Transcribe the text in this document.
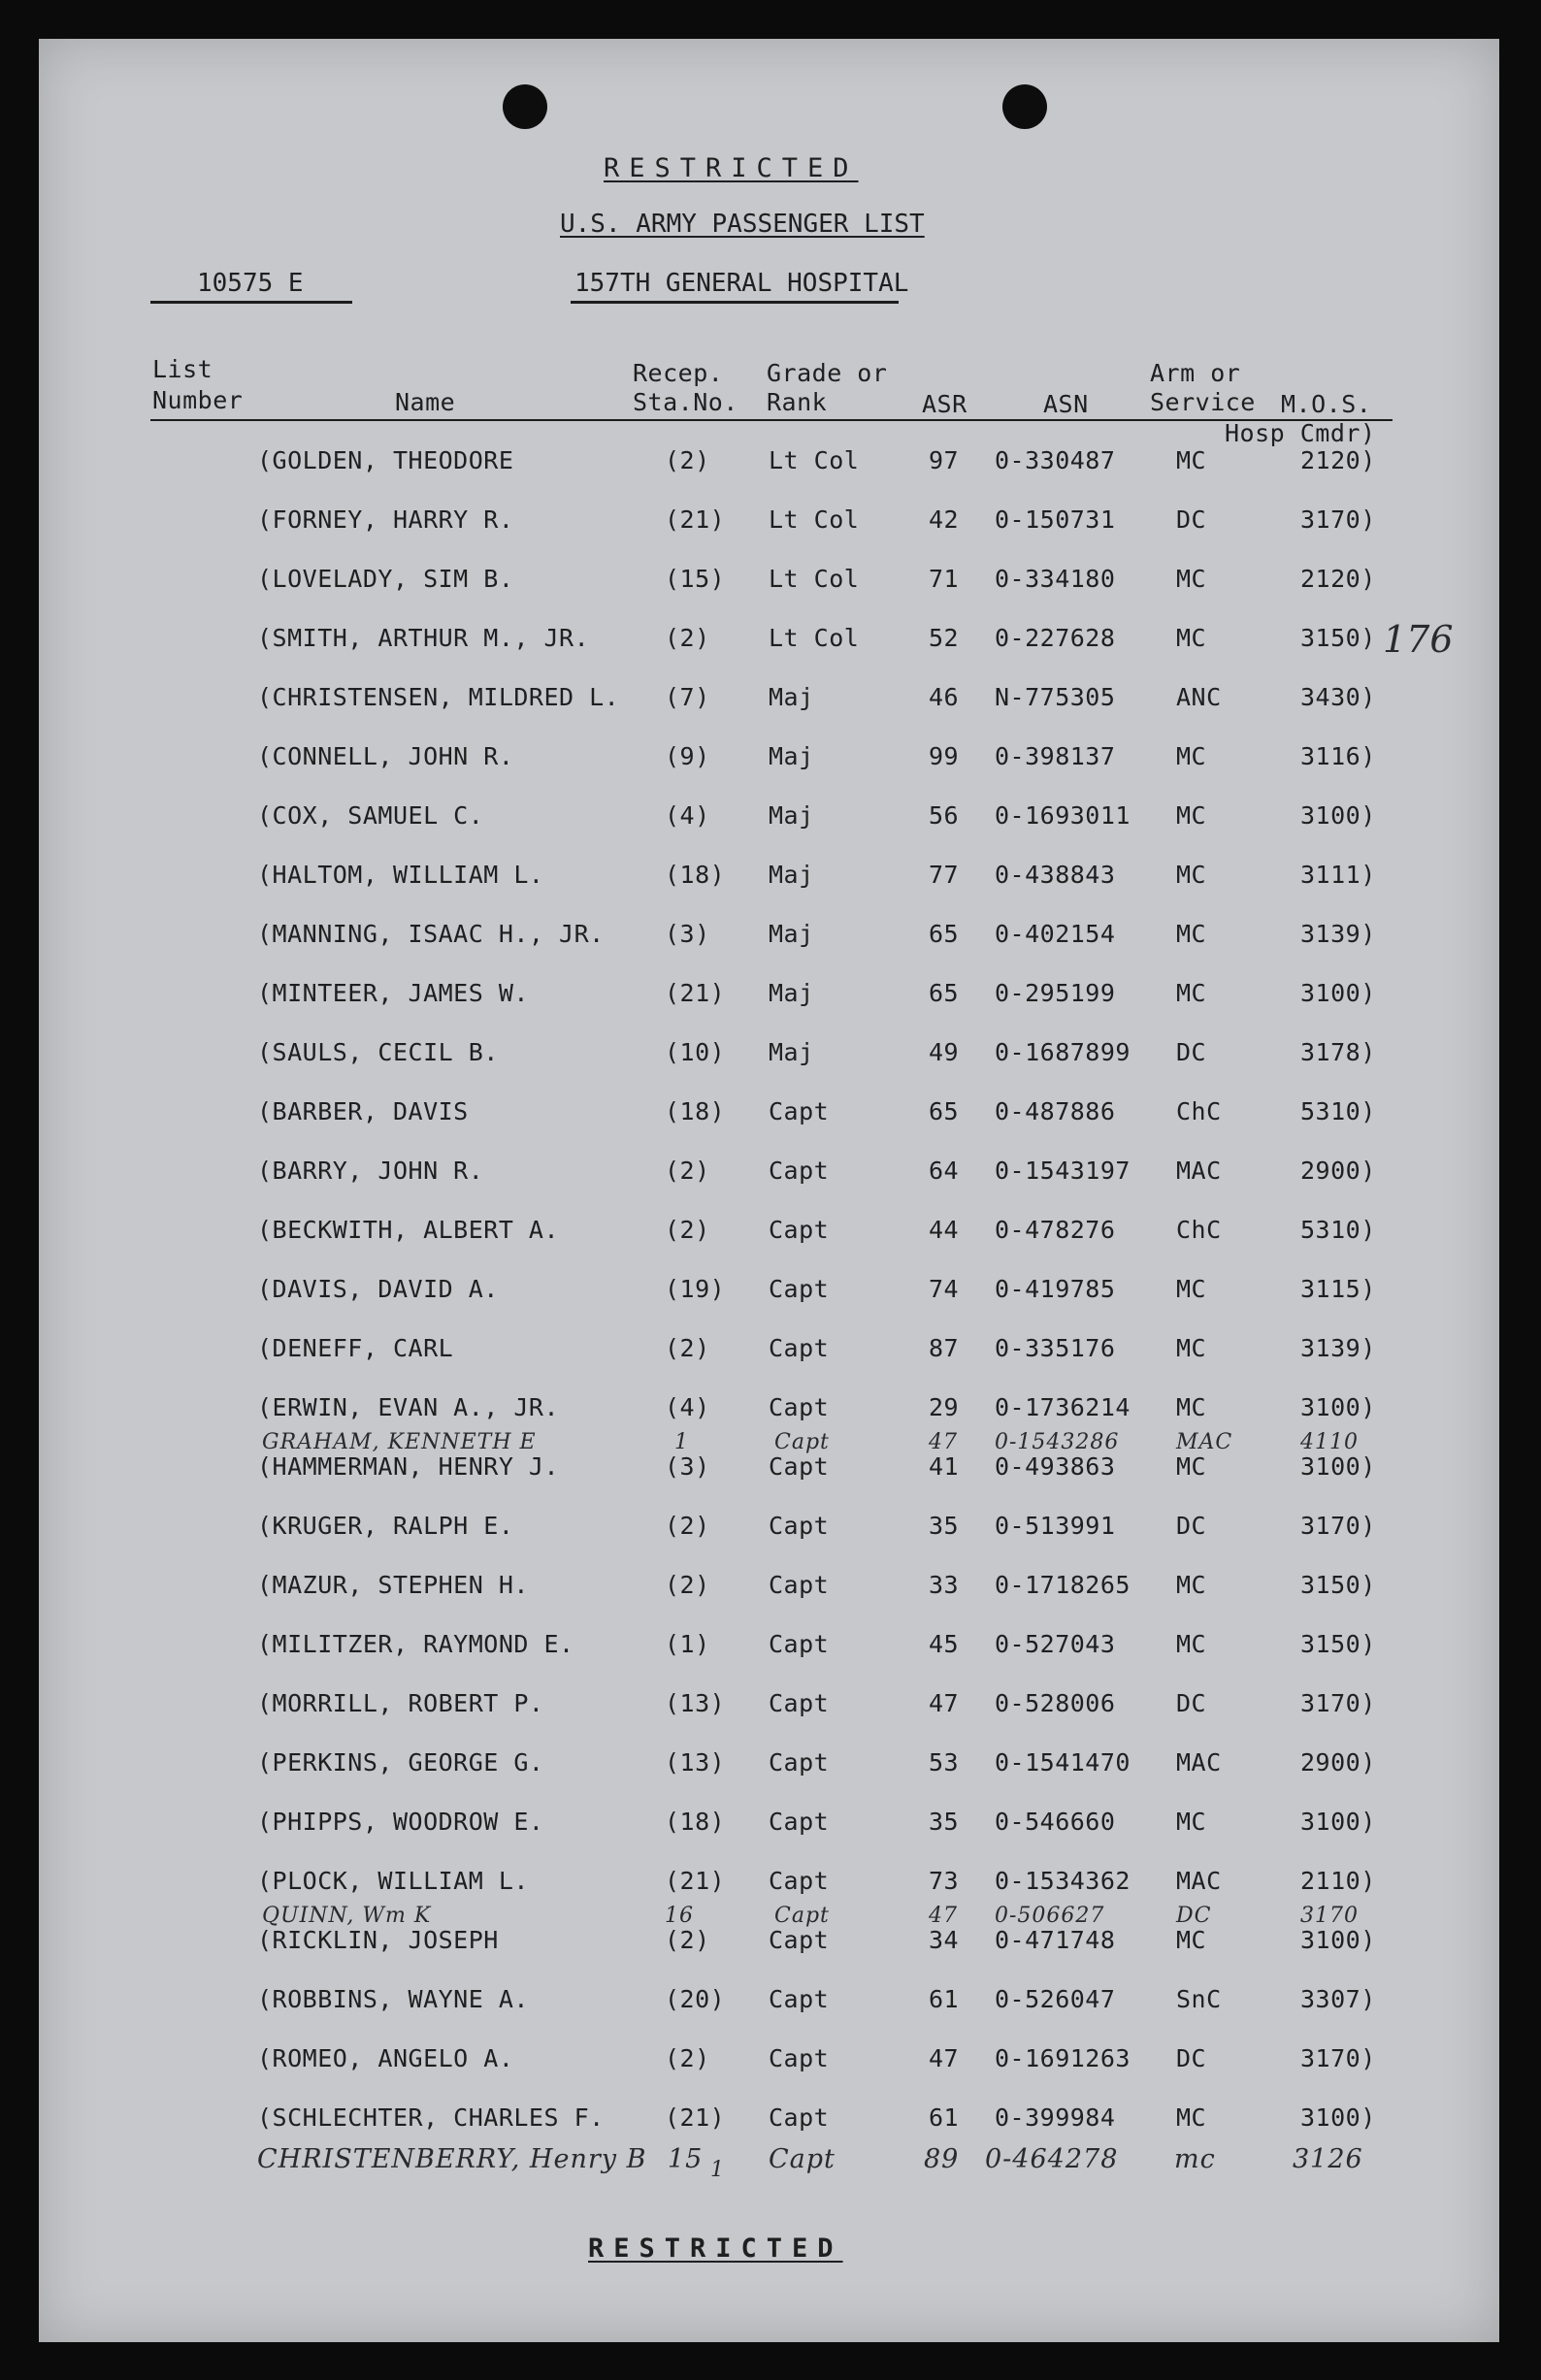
RESTRICTED
U.S. ARMY PASSENGER LIST
10575 E	157TH GENERAL HOSPITAL
List
Number	Name
Recep.
Sta.No.
Grade or
Rank	ASR	ASN
Arm or
Service M.O.S.
Hosp Cmdr)
176
(GOLDEN, THEODORE	(2) Lt Col	97 0-330487	MC	2120)
(FORNEY, HARRY R.	(21) Lt Col	42 0-150731	DC	3170)
(LOVELADY, SIM B.	(15) Lt Col	71 0-334180	MC	2120)
(SMITH, ARTHUR M., JR.	(2) Lt Col	52 0-227628	MC	3150)
(CHRISTENSEN, MILDRED L. (7) Maj	46 N-775305	ANC	3430)
(CONNELL, JOHN R.	(9) Maj	99 0-398137	MC	3116)
(COX, SAMUEL C.	(4) Maj	56 0-1693011 MC	3100)
(HALTOM, WILLIAM L.	(18) Maj	77 0-438843	MC	3111)
(MANNING, ISAAC H., JR. (3) Maj	65 0-402154	MC	3139)
(MINTEER, JAMES W.	(21) Maj	65 0-295199	MC	3100)
(SAULS, CECIL B.	(10) Maj	49 0-1687899 DC	3178)
(BARBER, DAVIS	(18) Capt	65 0-487886	ChC	5310)
(BARRY, JOHN R.	(2) Capt	64 0-1543197 MAC	2900)
(BECKWITH, ALBERT A.	(2) Capt	44 0-478276	ChC	5310)
(DAVIS, DAVID A.	(19) Capt	74 0-419785	MC	3115)
(DENEFF, CARL	(2) Capt	87 0-335176	MC	3139)
(ERWIN, EVAN A., JR.	(4) Capt	29 0-1736214 MC	3100)
GRAHAM, KENNETH E	1	Capt	47 0-1543286	MAC	4110
(HAMMERMAN, HENRY J.	(3) Capt	41 0-493863	MC	3100)
(KRUGER, RALPH E.	(2) Capt	35 0-513991	DC	3170)
(MAZUR, STEPHEN H.	(2) Capt	33 0-1718265 MC	3150)
(MILITZER, RAYMOND E.	(1) Capt	45 0-527043	MC	3150)
(MORRILL, ROBERT P.	(13) Capt	47 0-528006	DC	3170)
(PERKINS, GEORGE G.	(13) Capt	53 0-1541470 MAC	2900)
(PHIPPS, WOODROW E.	(18) Capt	35 0-546660	MC	3100)
(PLOCK, WILLIAM L.	(21) Capt	73 0-1534362 MAC	2110)
QUINN, Wm K	16	Capt	47 0-506627	DC	3170
(RICKLIN, JOSEPH	(2) Capt	34 0-471748	MC	3100)
(ROBBINS, WAYNE A.	(20) Capt	61 0-526047	SnC	3307)
(ROMEO, ANGELO A.	(2) Capt	47 0-1691263 DC	3170)
(SCHLECHTER, CHARLES F. (21) Capt	61 0-399984	MC	3100)
CHRISTENBERRY, Henry B 15 1 Capt	89 0-464278 mc	3126
RESTRICTED
